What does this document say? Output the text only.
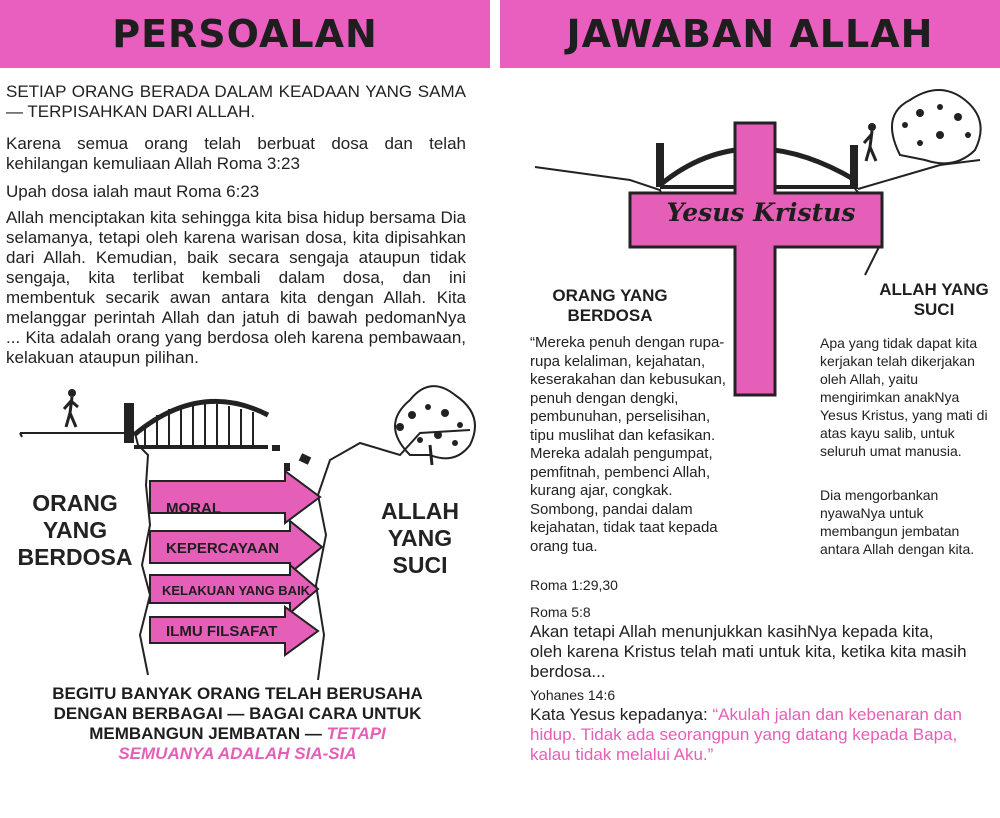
PERSOALAN	JAWABAN ALLAH
SETIAP ORANG BERADA DALAM KEADAAN YANG SAMA — TERPISAHKAN DARI ALLAH.
Karena semua orang telah berbuat dosa dan telah kehilangan kemuliaan Allah Roma 3:23
Upah dosa ialah maut Roma 6:23
Allah menciptakan kita sehingga kita bisa hidup bersama Dia selamanya, tetapi oleh karena warisan dosa, kita dipisahkan dari Allah. Kemudian, baik secara sengaja ataupun tidak sengaja, kita terlibat kembali dalam dosa, dan ini membentuk secarik awan antara kita dengan Allah. Kita melanggar perintah Allah dan jatuh di bawah pedomanNya ... Kita adalah orang yang berdosa oleh karena pembawaan, kelakuan ataupun pilihan.
MORAL
KEPERCAYAAN
KELAKUAN YANG BAIK
ILMU FILSAFAT
ORANG
YANG
BERDOSA
ALLAH
YANG
SUCI
BEGITU BANYAK ORANG TELAH BERUSAHA DENGAN BERBAGAI — BAGAI CARA UNTUK MEMBANGUN JEMBATAN — TETAPI SEMUANYA ADALAH SIA-SIA
Yesus Kristus
ORANG YANG
BERDOSA
ALLAH YANG
SUCI
“Mereka penuh dengan rupa-rupa kelaliman, kejahatan, keserakahan dan kebusukan, penuh dengan dengki, pembunuhan, perselisihan, tipu muslihat dan kefasikan. Mereka adalah pengumpat, pemfitnah, pembenci Allah, kurang ajar, congkak. Sombong, pandai dalam kejahatan, tidak taat kepada orang tua.
Roma 1:29,30
Apa yang tidak dapat kita kerjakan telah dikerjakan oleh Allah, yaitu mengirimkan anakNya Yesus Kristus, yang mati di atas kayu salib, untuk seluruh umat manusia.
Dia mengorbankan nyawaNya untuk membangun jembatan antara Allah dengan kita.
Roma 5:8
Akan tetapi Allah menunjukkan kasihNya kepada kita, oleh karena Kristus telah mati untuk kita, ketika kita masih berdosa...
Yohanes 14:6
Kata Yesus kepadanya: “Akulah jalan dan kebenaran dan hidup. Tidak ada seorangpun yang datang kepada Bapa, kalau tidak melalui Aku.”
